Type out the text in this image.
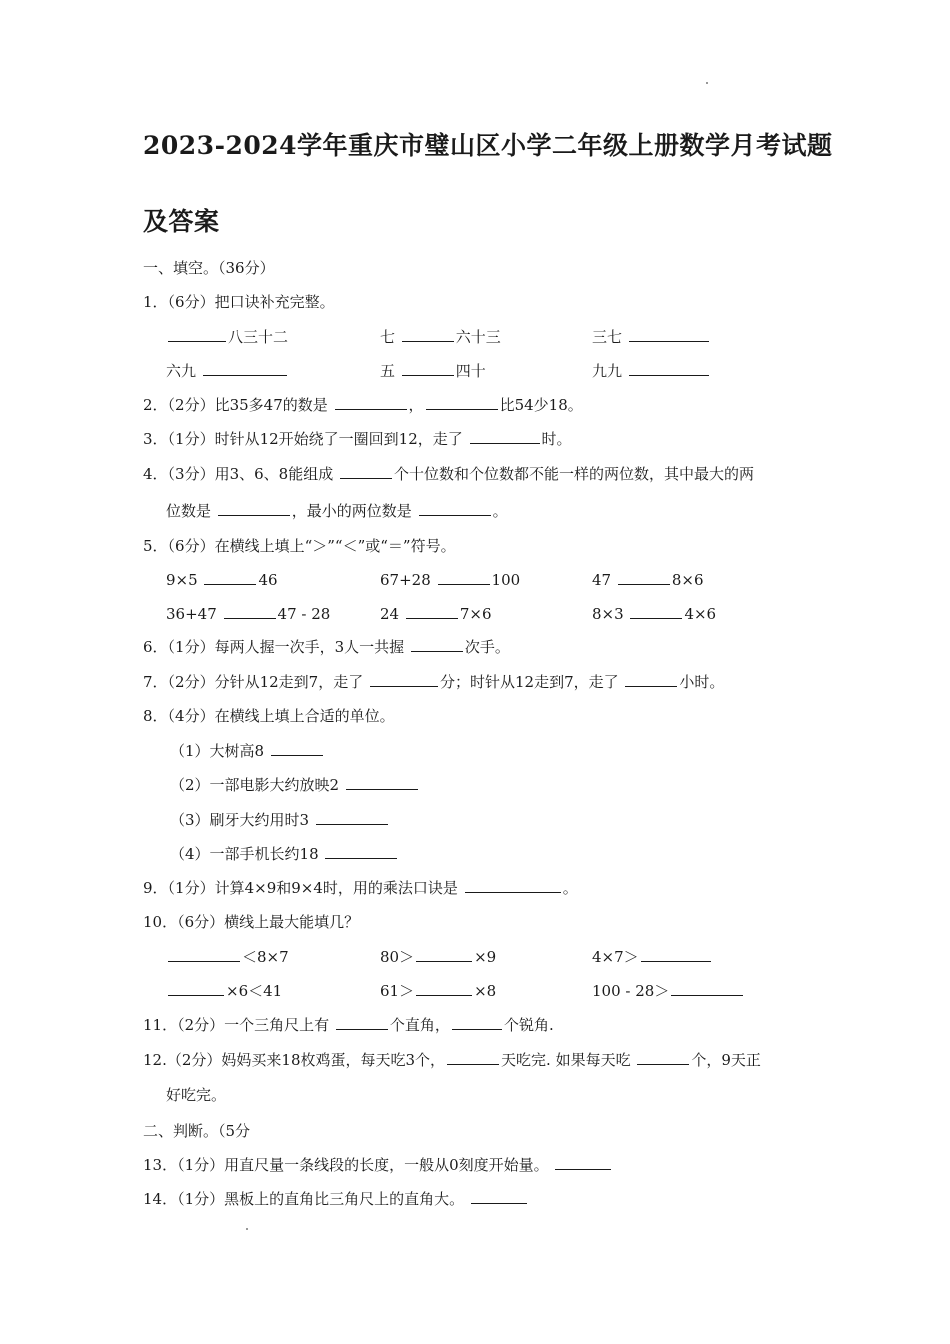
2023-2024学年重庆市璧山区小学二年级上册数学月考试题
及答案
一、填空。（36分）
1．（6分）把口诀补充完整。
八三十二	七	六十三	三七
六九	五	四十	九九
2．（2分）比35多47的数是	，	比54少18。
3．（1分）时针从12开始绕了一圈回到12，走了	时。
4．（3分）用3、6、8能组成	个十位数和个位数都不能一样的两位数，其中最大的两
位数是	，最小的两位数是	。
5．（6分）在横线上填上“＞”“＜”或“＝”符号。
9×5	46	67+28	100	47	8×6
36+47	47 - 28	24	7×6	8×3	4×6
6．（1分）每两人握一次手，3人一共握	次手。
7．（2分）分针从12走到7，走了	分；时针从12走到7，走了	小时。
8．（4分）在横线上填上合适的单位。
（1）大树高8
（2）一部电影大约放映2
（3）刷牙大约用时3
（4）一部手机长约18
9．（1分）计算4×9和9×4时，用的乘法口诀是	。
10．（6分）横线上最大能填几？
＜8×7	80＞	×9	4×7＞
×6＜41	61＞	×8	100 - 28＞
11．（2分）一个三角尺上有	个直角，	个锐角.
12.（2分）妈妈买来18枚鸡蛋，每天吃3个，	天吃完. 如果每天吃	个，9天正
好吃完。
二、判断。（5分
13．（1分）用直尺量一条线段的长度，一般从0刻度开始量。
14．（1分）黑板上的直角比三角尺上的直角大。
